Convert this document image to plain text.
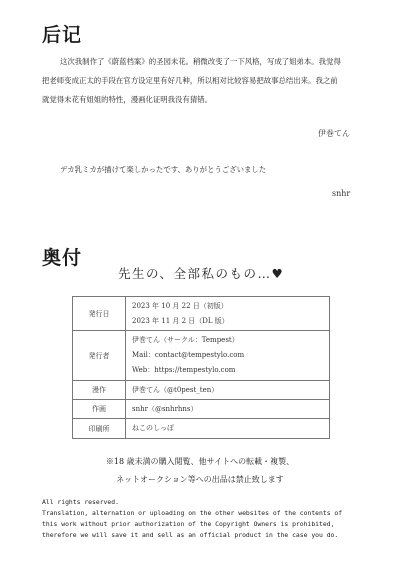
后记
这次我制作了《蔚蓝档案》的圣园未花。稍微改变了一下风格，写成了姐弟本。我觉得
把老师变成正太的手段在官方设定里有好几种，所以相对比较容易把故事总结出来。我之前
就觉得未花有姐姐的特性，漫画化证明我没有猜错。
伊巻てん
デカ乳ミカが描けて楽しかったです、ありがとうございました
snhr
奥付
先生の、全部私のもの…♥
発行日	2023 年 10 月 22 日（初版）
2023 年 11 月 2 日（DL 版）

発行者	伊巻てん（サークル：Tempest）
Mail：contact@tempestylo.com
Web：https://tempestylo.com

漫作	伊巻てん（@t0pest_ten）

作画	snhr（@snhrhns）

印刷所	ねこのしっぽ
※18 歳未満の購入閲覧、他サイトへの転載・複製、
ネットオークション等への出品は禁止致します
All rights reserved.
Translation, alternation or uploading on the other websites of the contents of
this work without prior authorization of the Copyright Owners is prohibited,
therefore we will save it and sell as an official product in the case you do.
